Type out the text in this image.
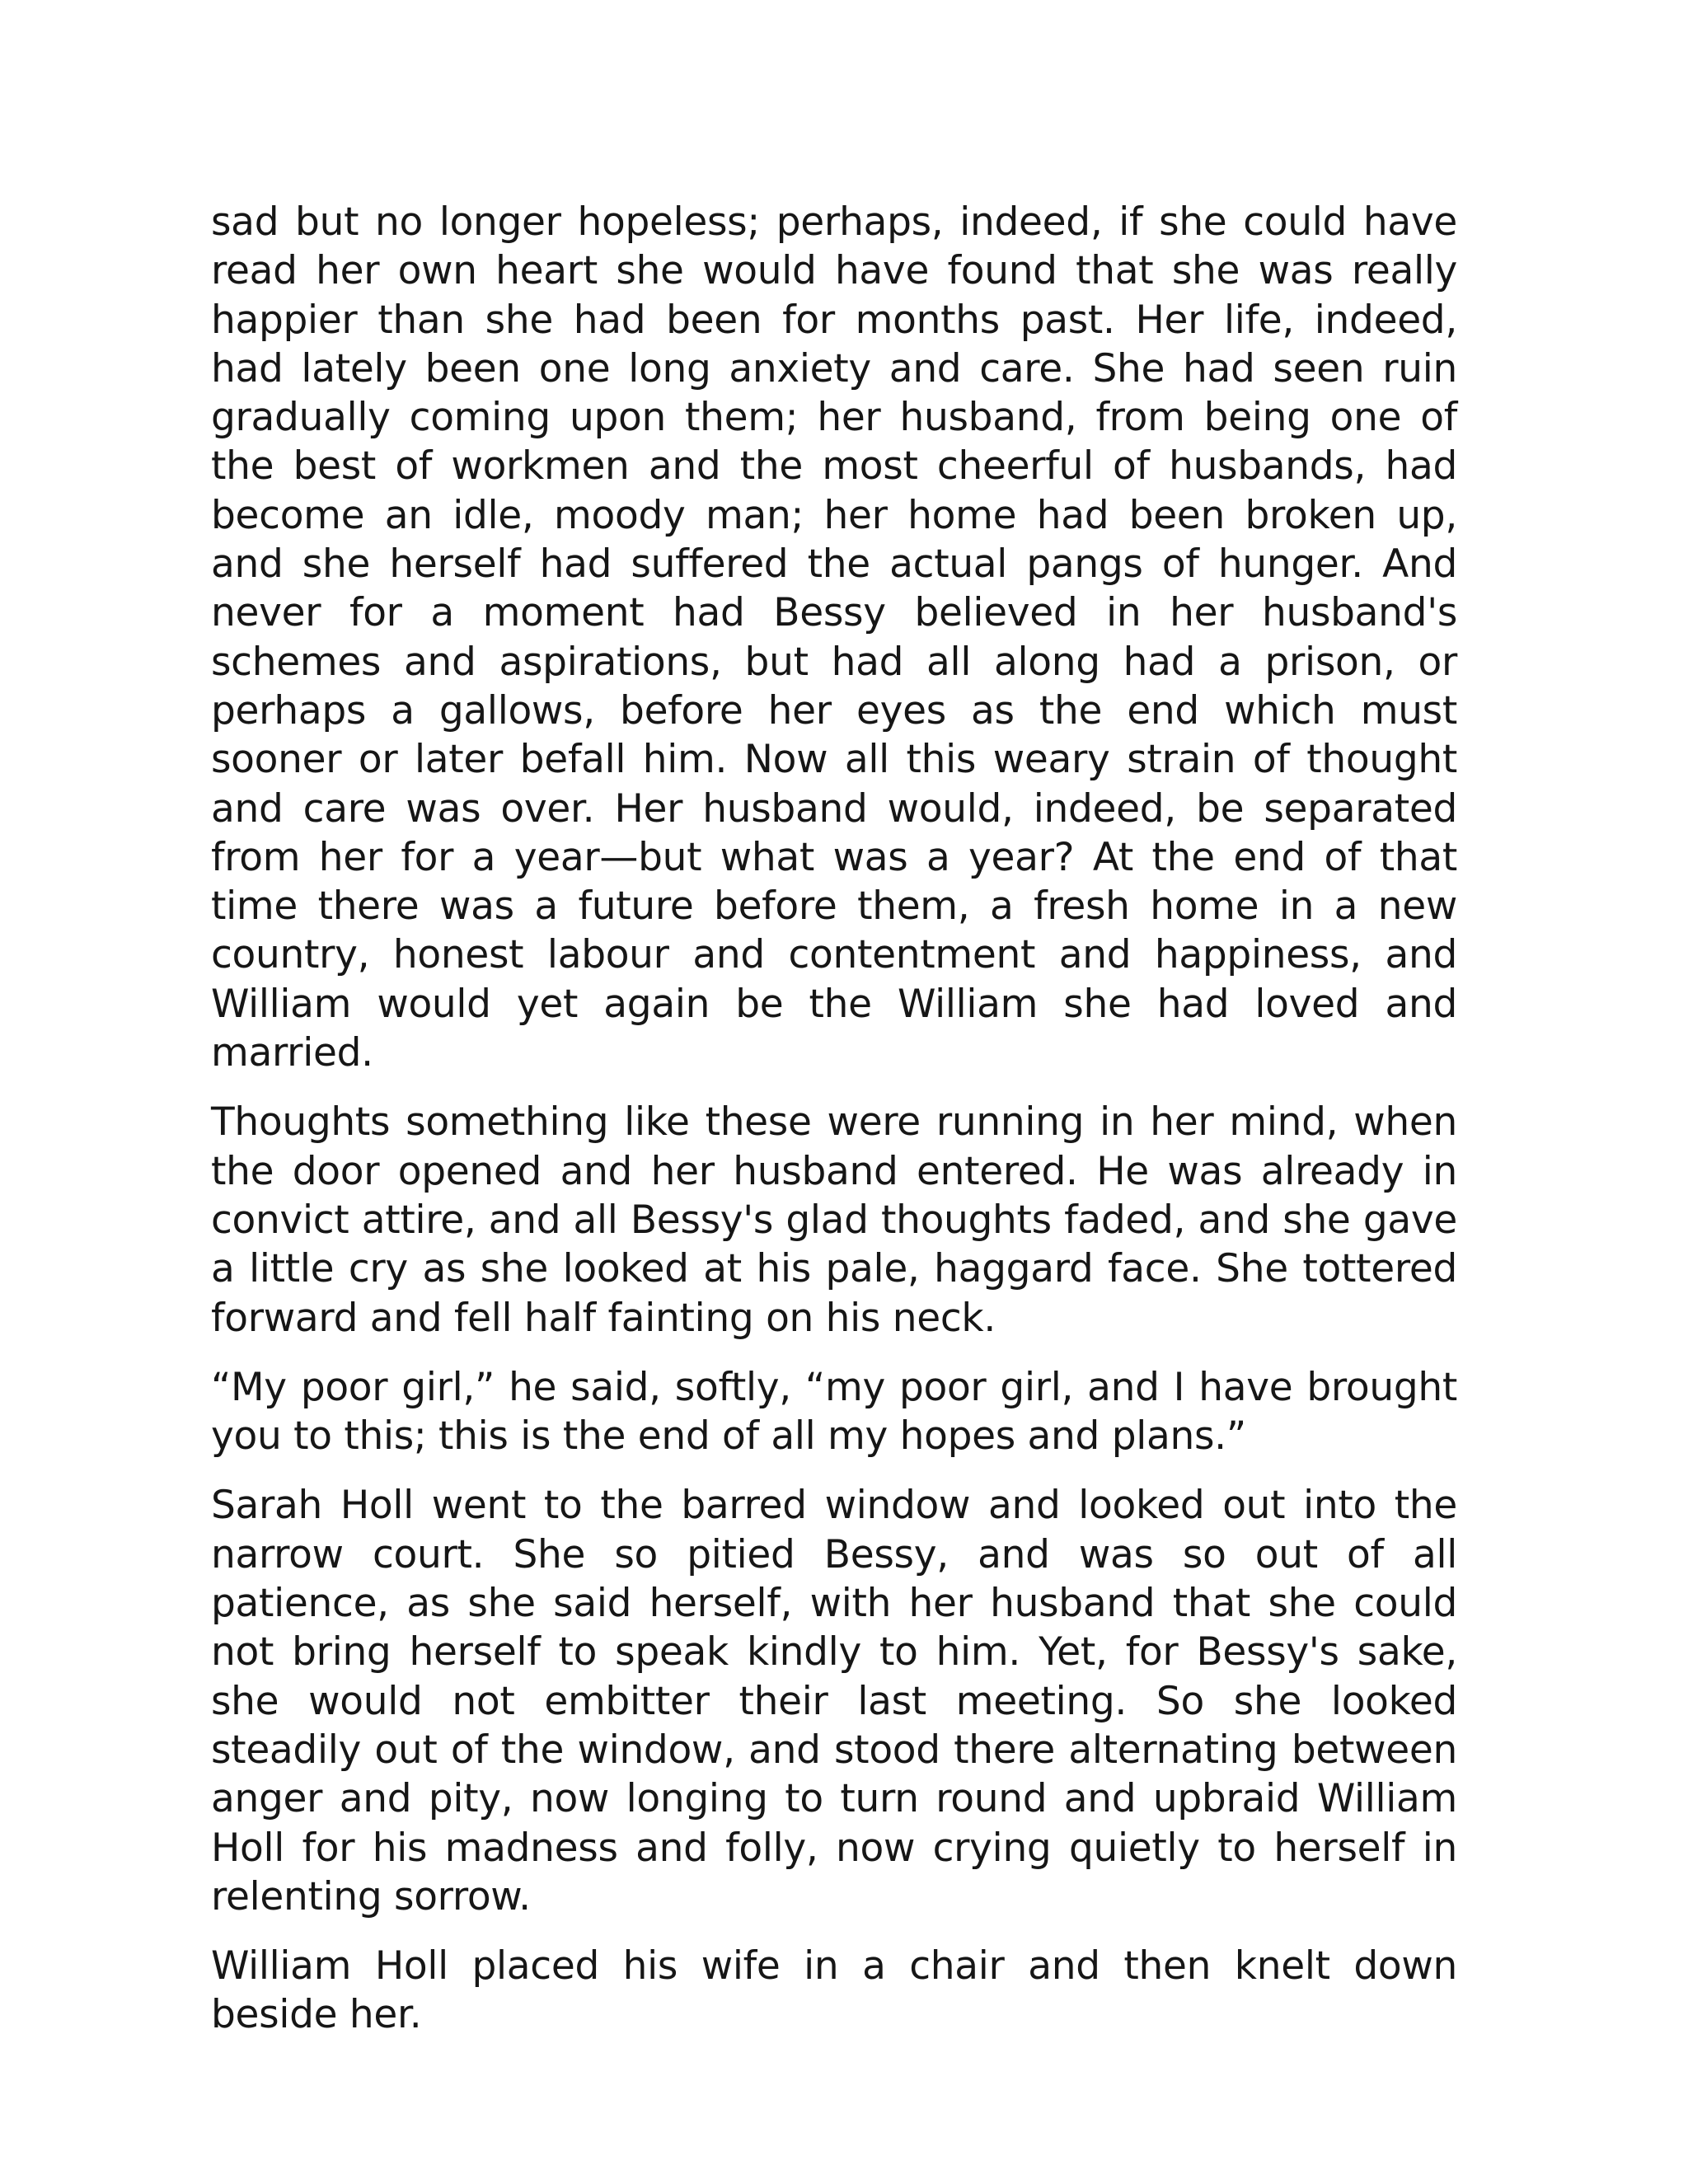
sad but no longer hopeless; perhaps, indeed, if she could have read her own heart she would have found that she was really happier than she had been for months past. Her life, indeed, had lately been one long anxiety and care. She had seen ruin gradually coming upon them; her husband, from being one of the best of workmen and the most cheerful of husbands, had become an idle, moody man; her home had been broken up, and she herself had suffered the actual pangs of hunger. And never for a moment had Bessy believed in her husband's schemes and aspirations, but had all along had a prison, or perhaps a gallows, before her eyes as the end which must sooner or later befall him. Now all this weary strain of thought and care was over. Her husband would, indeed, be separated from her for a year—but what was a year? At the end of that time there was a future before them, a fresh home in a new country, honest labour and contentment and happiness, and William would yet again be the William she had loved and married.

Thoughts something like these were running in her mind, when the door opened and her husband entered. He was already in convict attire, and all Bessy's glad thoughts faded, and she gave a little cry as she looked at his pale, haggard face. She tottered forward and fell half fainting on his neck.

“My poor girl,” he said, softly, “my poor girl, and I have brought you to this; this is the end of all my hopes and plans.”

Sarah Holl went to the barred window and looked out into the narrow court. She so pitied Bessy, and was so out of all patience, as she said herself, with her husband that she could not bring herself to speak kindly to him. Yet, for Bessy's sake, she would not embitter their last meeting. So she looked steadily out of the window, and stood there alternating between anger and pity, now longing to turn round and upbraid William Holl for his madness and folly, now crying quietly to herself in relenting sorrow.

William Holl placed his wife in a chair and then knelt down beside her.
